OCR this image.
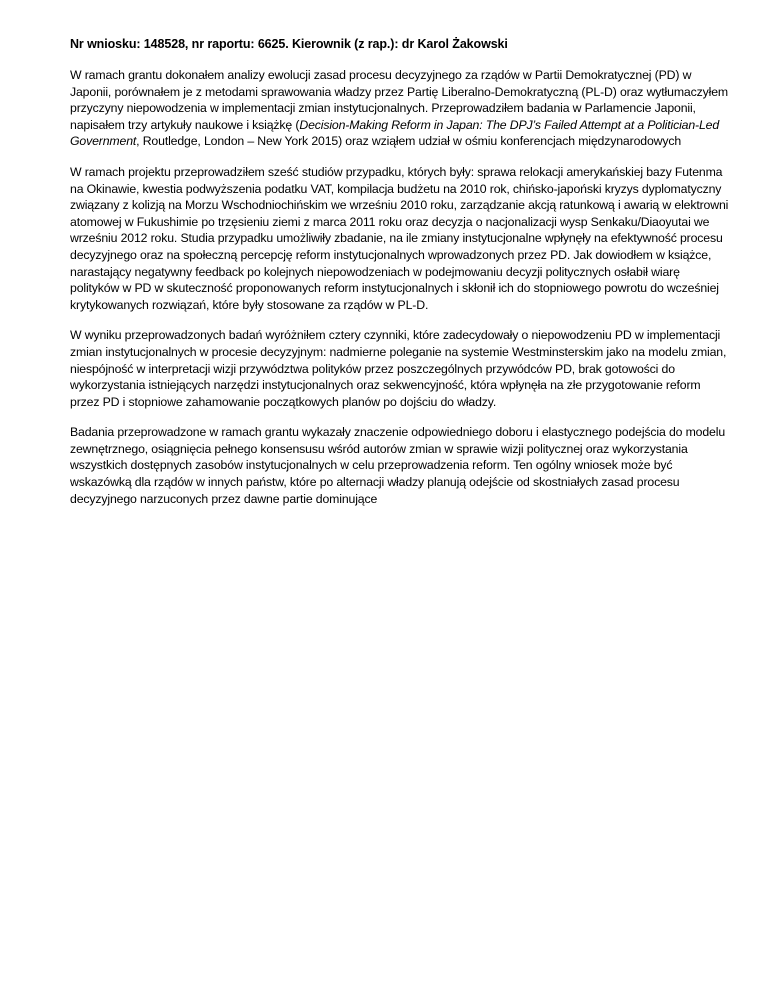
Nr wniosku: 148528, nr raportu: 6625. Kierownik (z rap.): dr Karol Żakowski

W ramach grantu dokonałem analizy ewolucji zasad procesu decyzyjnego za rządów w Partii Demokratycznej (PD) w Japonii, porównałem je z metodami sprawowania władzy przez Partię Liberalno-Demokratyczną (PL-D) oraz wytłumaczyłem przyczyny niepowodzenia w implementacji zmian instytucjonalnych. Przeprowadziłem badania w Parlamencie Japonii, napisałem trzy artykuły naukowe i książkę (Decision-Making Reform in Japan: The DPJ’s Failed Attempt at a Politician-Led Government, Routledge, London – New York 2015) oraz wziąłem udział w ośmiu konferencjach międzynarodowych

W ramach projektu przeprowadziłem sześć studiów przypadku, których były: sprawa relokacji amerykańskiej bazy Futenma na Okinawie, kwestia podwyższenia podatku VAT, kompilacja budżetu na 2010 rok, chińsko-japoński kryzys dyplomatyczny związany z kolizją na Morzu Wschodniochińskim we wrześniu 2010 roku, zarządzanie akcją ratunkową i awarią w elektrowni atomowej w Fukushimie po trzęsieniu ziemi z marca 2011 roku oraz decyzja o nacjonalizacji wysp Senkaku/Diaoyutai we wrześniu 2012 roku. Studia przypadku umożliwiły zbadanie, na ile zmiany instytucjonalne wpłynęły na efektywność procesu decyzyjnego oraz na społeczną percepcję reform instytucjonalnych wprowadzonych przez PD. Jak dowiodłem w książce, narastający negatywny feedback po kolejnych niepowodzeniach w podejmowaniu decyzji politycznych osłabił wiarę polityków w PD w skuteczność proponowanych reform instytucjonalnych i skłonił ich do stopniowego powrotu do wcześniej krytykowanych rozwiązań, które były stosowane za rządów w PL-D.

W wyniku przeprowadzonych badań wyróżniłem cztery czynniki, które zadecydowały o niepowodzeniu PD w implementacji zmian instytucjonalnych w procesie decyzyjnym: nadmierne poleganie na systemie Westminsterskim jako na modelu zmian, niespójność w interpretacji wizji przywództwa polityków przez poszczególnych przywódców PD, brak gotowości do wykorzystania istniejących narzędzi instytucjonalnych oraz sekwencyjność, która wpłynęła na złe przygotowanie reform przez PD i stopniowe zahamowanie początkowych planów po dojściu do władzy.

Badania przeprowadzone w ramach grantu wykazały znaczenie odpowiedniego doboru i elastycznego podejścia do modelu zewnętrznego, osiągnięcia pełnego konsensusu wśród autorów zmian w sprawie wizji politycznej oraz wykorzystania wszystkich dostępnych zasobów instytucjonalnych w celu przeprowadzenia reform. Ten ogólny wniosek może być wskazówką dla rządów w innych państw, które po alternacji władzy planują odejście od skostniałych zasad procesu decyzyjnego narzuconych przez dawne partie dominujące
